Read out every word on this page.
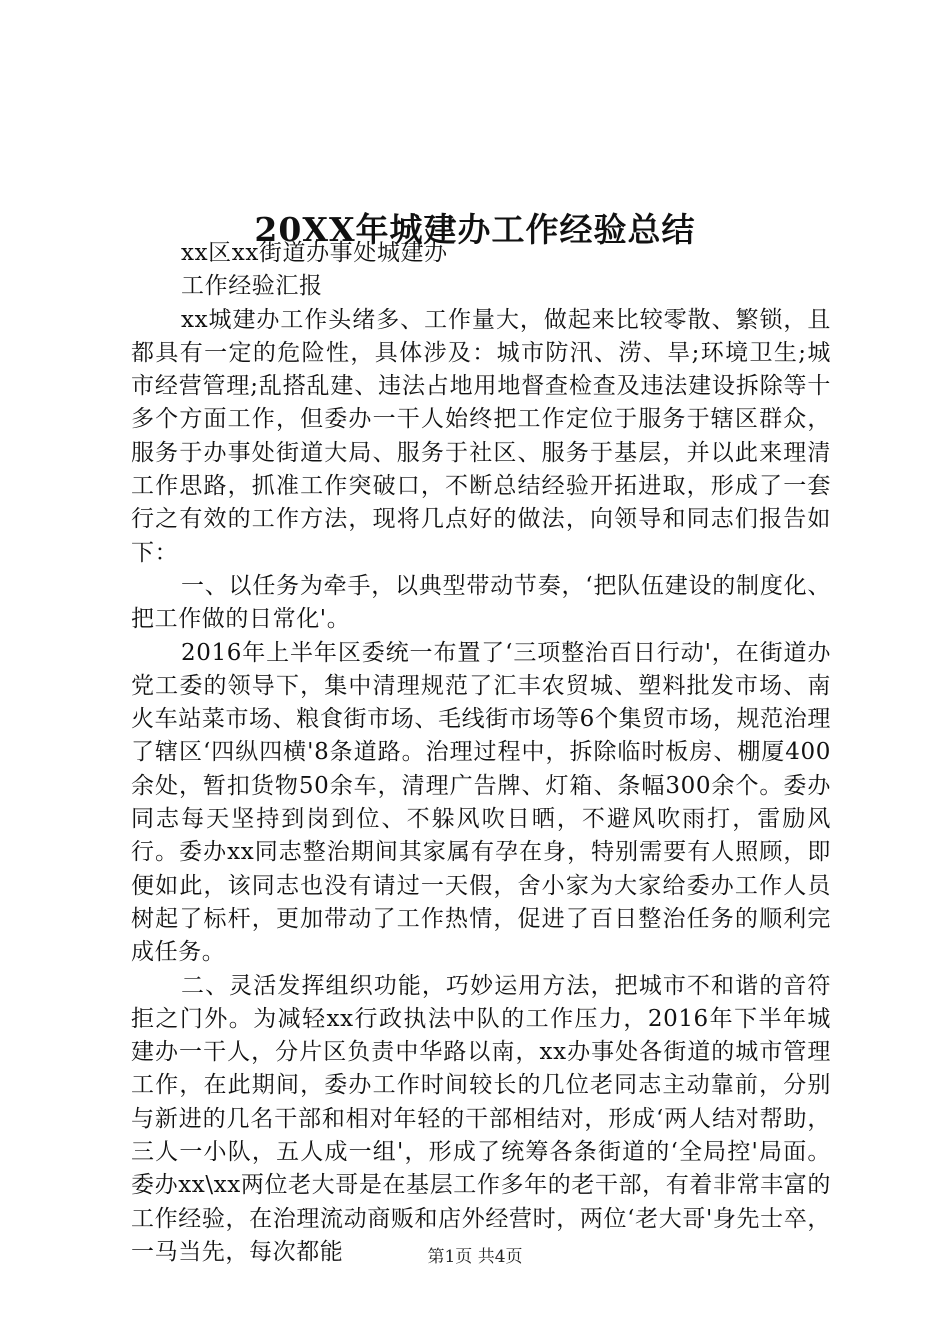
20XX年城建办工作经验总结

xx区xx街道办事处城建办

工作经验汇报

xx城建办工作头绪多、工作量大，做起来比较零散、繁锁，且都具有一定的危险性，具体涉及：城市防汛、涝、旱;环境卫生;城市经营管理;乱搭乱建、违法占地用地督查检查及违法建设拆除等十多个方面工作，但委办一干人始终把工作定位于服务于辖区群众，服务于办事处街道大局、服务于社区、服务于基层，并以此来理清工作思路，抓准工作突破口，不断总结经验开拓进取，形成了一套行之有效的工作方法，现将几点好的做法，向领导和同志们报告如下：

一、以任务为牵手，以典型带动节奏，‘把队伍建设的制度化、把工作做的日常化'。

2016年上半年区委统一布置了‘三项整治百日行动'，在街道办党工委的领导下，集中清理规范了汇丰农贸城、塑料批发市场、南火车站菜市场、粮食街市场、毛线街市场等6个集贸市场，规范治理了辖区‘四纵四横'8条道路。治理过程中，拆除临时板房、棚厦400余处，暂扣货物50余车，清理广告牌、灯箱、条幅300余个。委办同志每天坚持到岗到位、不躲风吹日晒，不避风吹雨打，雷励风行。委办xx同志整治期间其家属有孕在身，特别需要有人照顾，即便如此，该同志也没有请过一天假，舍小家为大家给委办工作人员树起了标杆，更加带动了工作热情，促进了百日整治任务的顺利完成任务。

二、灵活发挥组织功能，巧妙运用方法，把城市不和谐的音符拒之门外。为减轻xx行政执法中队的工作压力，2016年下半年城建办一干人，分片区负责中华路以南，xx办事处各街道的城市管理工作，在此期间，委办工作时间较长的几位老同志主动靠前，分别与新进的几名干部和相对年轻的干部相结对，形成‘两人结对帮助，三人一小队，五人成一组'，形成了统筹各条街道的‘全局控'局面。委办xx\xx两位老大哥是在基层工作多年的老干部，有着非常丰富的工作经验，在治理流动商贩和店外经营时，两位‘老大哥'身先士卒，一马当先，每次都能	第1页 共4页
